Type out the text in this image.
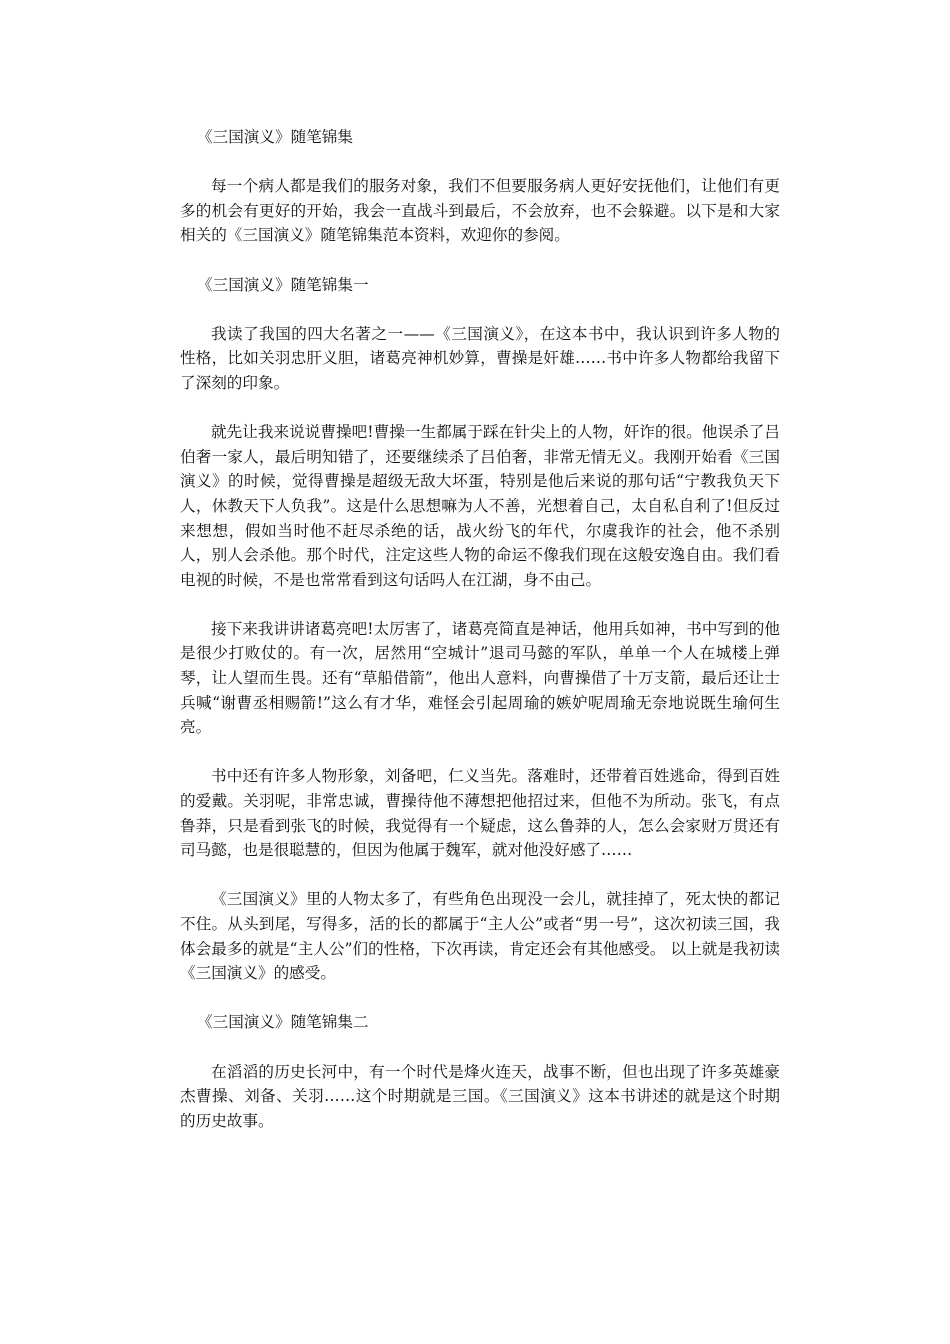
《三国演义》随笔锦集

每一个病人都是我们的服务对象，我们不但要服务病人更好安抚他们，让他们有更多的机会有更好的开始，我会一直战斗到最后，不会放弃，也不会躲避。以下是和大家相关的《三国演义》随笔锦集范本资料，欢迎你的参阅。

《三国演义》随笔锦集一

我读了我国的四大名著之一——《三国演义》，在这本书中，我认识到许多人物的性格，比如关羽忠肝义胆，诸葛亮神机妙算，曹操是奸雄……书中许多人物都给我留下了深刻的印象。

就先让我来说说曹操吧!曹操一生都属于踩在针尖上的人物，奸诈的很。他误杀了吕伯奢一家人，最后明知错了，还要继续杀了吕伯奢，非常无情无义。我刚开始看《三国演义》的时候，觉得曹操是超级无敌大坏蛋，特别是他后来说的那句话“宁教我负天下人，休教天下人负我”。这是什么思想嘛为人不善，光想着自己，太自私自利了!但反过来想想，假如当时他不赶尽杀绝的话，战火纷飞的年代，尔虞我诈的社会，他不杀别人，别人会杀他。那个时代，注定这些人物的命运不像我们现在这般安逸自由。我们看电视的时候，不是也常常看到这句话吗人在江湖，身不由己。

接下来我讲讲诸葛亮吧!太厉害了，诸葛亮简直是神话，他用兵如神，书中写到的他是很少打败仗的。有一次，居然用“空城计”退司马懿的军队，单单一个人在城楼上弹琴，让人望而生畏。还有“草船借箭”，他出人意料，向曹操借了十万支箭，最后还让士兵喊“谢曹丞相赐箭!”这么有才华，难怪会引起周瑜的嫉妒呢周瑜无奈地说既生瑜何生亮。

书中还有许多人物形象，刘备吧，仁义当先。落难时，还带着百姓逃命，得到百姓的爱戴。关羽呢，非常忠诚，曹操待他不薄想把他招过来，但他不为所动。张飞，有点鲁莽，只是看到张飞的时候，我觉得有一个疑虑，这么鲁莽的人，怎么会家财万贯还有司马懿，也是很聪慧的，但因为他属于魏军，就对他没好感了……

《三国演义》里的人物太多了，有些角色出现没一会儿，就挂掉了，死太快的都记不住。从头到尾，写得多，活的长的都属于“主人公”或者“男一号”，这次初读三国，我体会最多的就是“主人公”们的性格，下次再读，肯定还会有其他感受。 以上就是我初读《三国演义》的感受。

《三国演义》随笔锦集二

在滔滔的历史长河中，有一个时代是烽火连天，战事不断，但也出现了许多英雄豪杰曹操、刘备、关羽……这个时期就是三国。《三国演义》这本书讲述的就是这个时期的历史故事。
